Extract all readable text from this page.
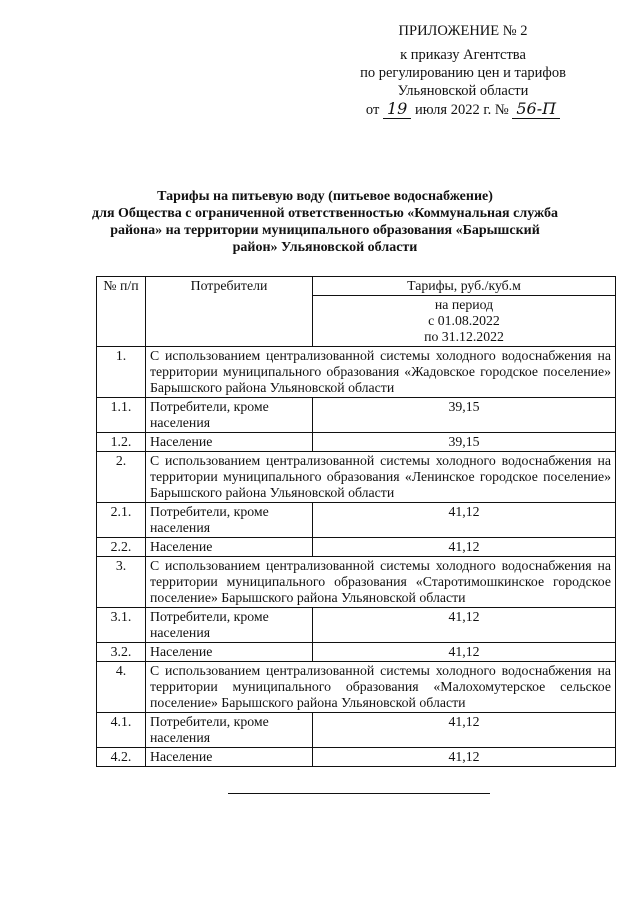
ПРИЛОЖЕНИЕ № 2
к приказу Агентства
по регулированию цен и тарифов
Ульяновской области
от 19 июля 2022 г. № 56-П
Тарифы на питьевую воду (питьевое водоснабжение)
для Общества с ограниченной ответственностью «Коммунальная служба района» на территории муниципального образования «Барышский район» Ульяновской области
№ п/п	Потребители	Тарифы, руб./куб.м

		на период
с 01.08.2022
по 31.12.2022

1.	С использованием централизованной системы холодного водоснабжения на территории муниципального образования «Жадовское городское поселение» Барышского района Ульяновской области	
1.1.	Потребители, кроме населения	39,15
1.2.	Население	39,15
2.	С использованием централизованной системы холодного водоснабжения на территории муниципального образования «Ленинское городское поселение» Барышского района Ульяновской области	
2.1.	Потребители, кроме населения	41,12
2.2.	Население	41,12
3.	С использованием централизованной системы холодного водоснабжения на территории муниципального образования «Старотимошкинское городское поселение» Барышского района Ульяновской области	
3.1.	Потребители, кроме населения	41,12
3.2.	Население	41,12
4.	С использованием централизованной системы холодного водоснабжения на территории муниципального образования «Малохомутерское сельское поселение» Барышского района Ульяновской области	
4.1.	Потребители, кроме населения	41,12
4.2.	Население	41,12
